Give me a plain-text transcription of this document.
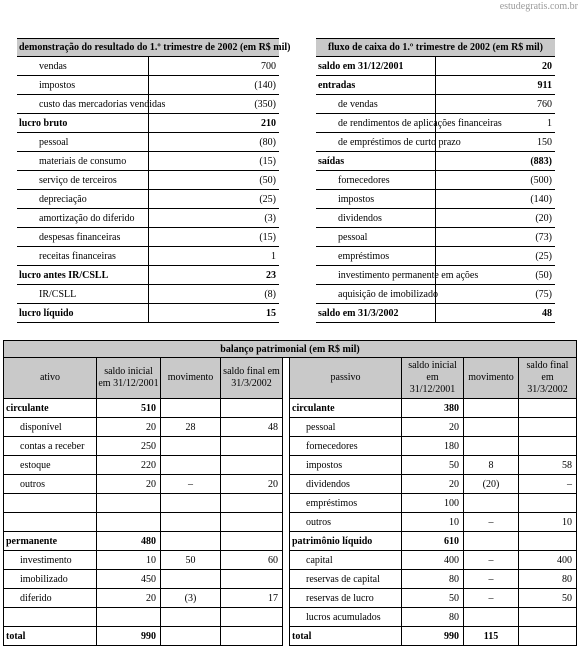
estudegratis.com.br
demonstração do resultado do 1.º trimestre de 2002 (em R$ mil)	
vendas	700
impostos	(140)
custo das mercadorias vendidas	(350)
lucro bruto	210
pessoal	(80)
materiais de consumo	(15)
serviço de terceiros	(50)
depreciação	(25)
amortização do diferido	(3)
despesas financeiras	(15)
receitas financeiras	1
lucro antes IR/CSLL	23
IR/CSLL	(8)
lucro líquido	15
fluxo de caixa do 1.º trimestre de 2002 (em R$ mil)	
saldo em 31/12/2001	20
entradas	911
de vendas	760
de rendimentos de aplicações financeiras	1
de empréstimos de curto prazo	150
saídas	(883)
fornecedores	(500)
impostos	(140)
dividendos	(20)
pessoal	(73)
empréstimos	(25)
investimento permanente em ações	(50)
aquisição de imobilizado	(75)
saldo em 31/3/2002	48
balanço patrimonial (em R$ mil)								
ativo	saldo inicial em 31/12/2001	movimento	saldo final em 31/3/2002		passivo	saldo inicial em 31/12/2001	movimento	saldo final em 31/3/2002
circulante	510				circulante	380		
disponível	20	28	48		pessoal	20		
contas a receber	250				fornecedores	180		
estoque	220				impostos	50	8	58
outros	20	–	20		dividendos	20	(20)	–
					empréstimos	100		
					outros	10	–	10
permanente	480				patrimônio líquido	610		
investimento	10	50	60		capital	400	–	400
imobilizado	450				reservas de capital	80	–	80
diferido	20	(3)	17		reservas de lucro	50	–	50
					lucros acumulados	80		
total	990				total	990	115	
